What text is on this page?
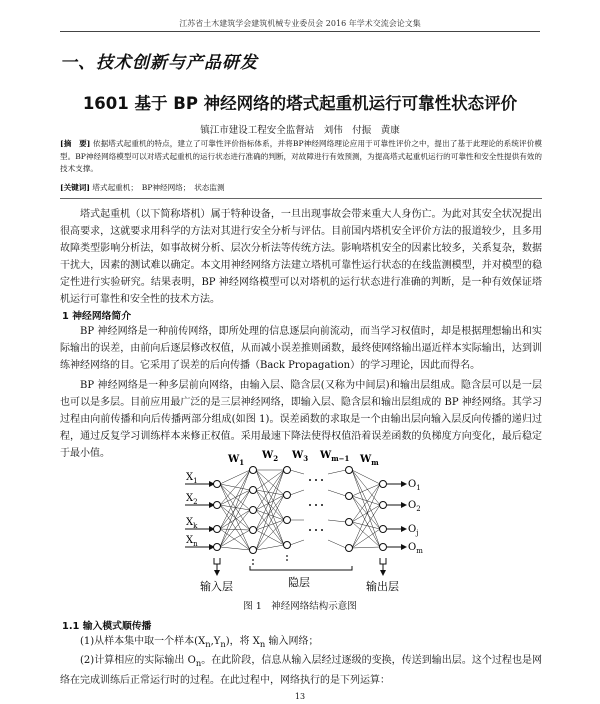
江苏省土木建筑学会建筑机械专业委员会 2016 年学术交流会论文集
一、技术创新与产品研发
1601 基于 BP 神经网络的塔式起重机运行可靠性状态评价
镇江市建设工程安全监督站　刘伟　付振　黄康
[摘　要] 依据塔式起重机的特点，建立了可靠性评价指标体系，并将BP神经网络理论应用于可靠性评价之中，提出了基于此理论的系统评价模型。BP神经网络模型可以对塔式起重机的运行状态进行准确的判断，对故障进行有效预测，为提高塔式起重机运行的可靠性和安全性提供有效的技术支撑。
[关键词] 塔式起重机；　BP神经网络；　状态监测
塔式起重机（以下简称塔机）属于特种设备，一旦出现事故会带来重大人身伤亡。为此对其安全状况提出很高要求，这就要求用科学的方法对其进行安全分析与评估。目前国内塔机安全评价方法的报道较少，且多用故障类型影响分析法，如事故树分析、层次分析法等传统方法。影响塔机安全的因素比较多，关系复杂，数据干扰大，因素的测试难以确定。本文用神经网络方法建立塔机可靠性运行状态的在线监测模型，并对模型的稳定性进行实验研究。结果表明，BP 神经网络模型可以对塔机的运行状态进行准确的判断，是一种有效保证塔机运行可靠性和安全性的技术方法。
1 神经网络简介
BP 神经网络是一种前传网络，即所处理的信息逐层向前流动，而当学习权值时，却是根据理想输出和实际输出的误差，由前向后逐层修改权值，从而减小误差推则函数，最终使网络输出逼近样本实际输出，达到训练神经网络的目。它采用了误差的后向传播（Back Propagation）的学习理论，因此而得名。
BP 神经网络是一种多层前向网络，由输入层、隐含层(又称为中间层)和输出层组成。隐含层可以是一层也可以是多层。目前应用最广泛的是三层神经网络，即输入层、隐含层和输出层组成的 BP 神经网络。其学习过程由向前传播和向后传播两部分组成(如图 1)。误差函数的求取是一个由输出层向输入层反向传播的递归过程，通过反复学习训练样本来修正权值。采用最速下降法使得权值沿着误差函数的负梯度方向变化，最后稳定于最小值。
$X_1$
$X_2$
$X_k$
$X_n$
$O_1$
$O_2$
$O_j$
$O_m$
$W_1$
$W_2$ $W_3$ $W_{m-1}$ $W_m$
输入层	隐层	输出层
图 1　神经网络结构示意图
1.1 输入模式顺传播
(1)从样本集中取一个样本$(X_n,Y_n)$，将 $X_n$ 输入网络；
(2)计算相应的实际输出 $O_n$。在此阶段，信息从输入层经过逐级的变换，传送到输出层。这个过程也是网络在完成训练后正常运行时的过程。在此过程中，网络执行的是下列运算：
13
